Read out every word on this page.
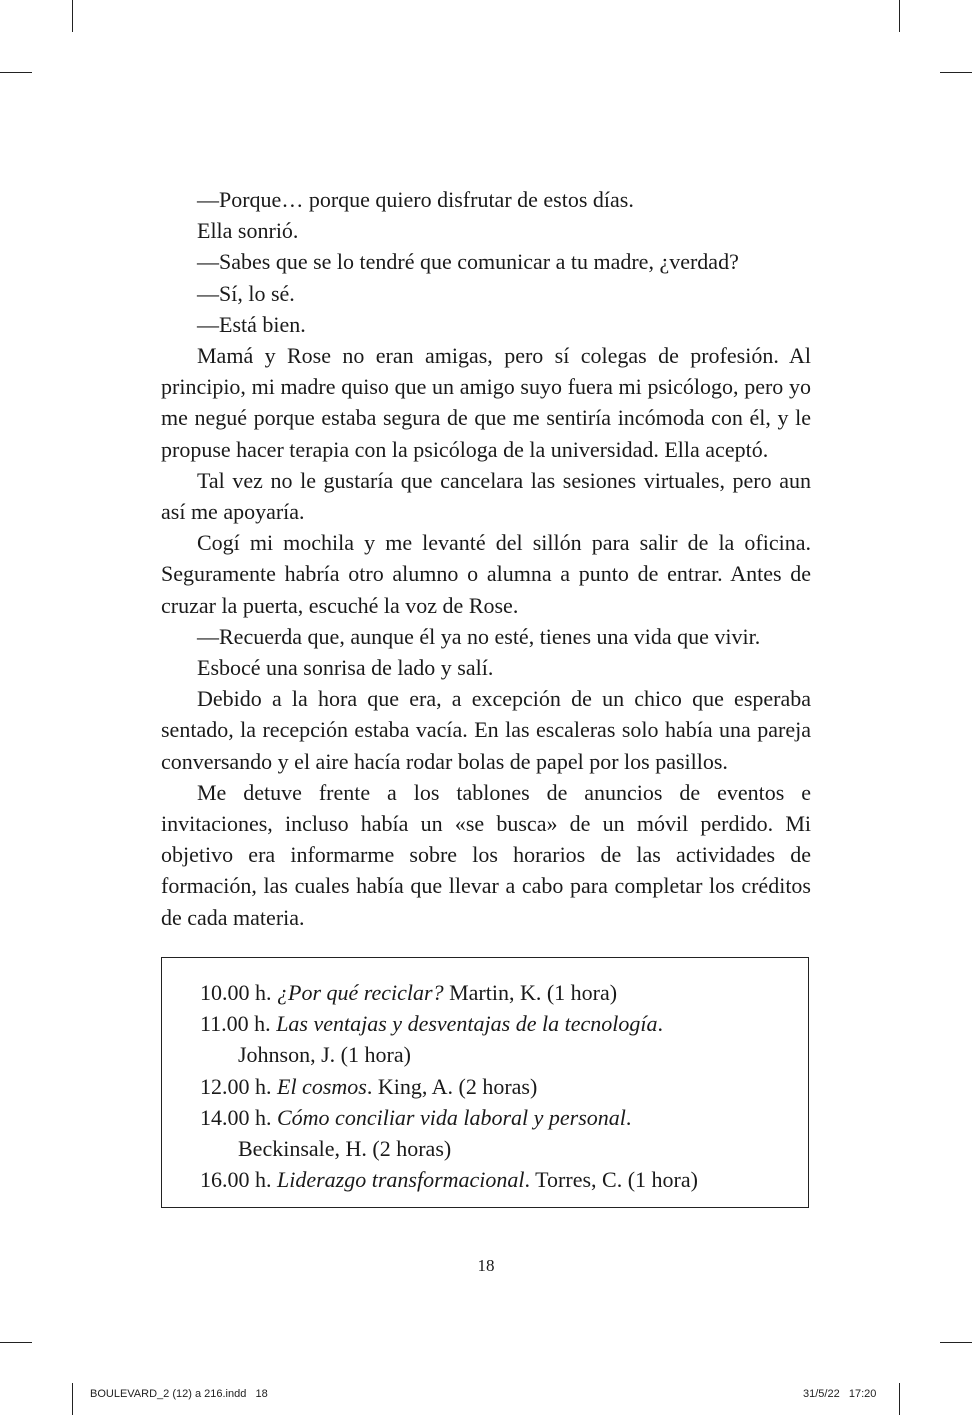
—Porque… porque quiero disfrutar de estos días.

Ella sonrió.

—Sabes que se lo tendré que comunicar a tu madre, ¿verdad?

—Sí, lo sé.

—Está bien.

Mamá y Rose no eran amigas, pero sí colegas de profesión. Al principio, mi madre quiso que un amigo suyo fuera mi psicólogo, pero yo me negué porque estaba segura de que me sentiría incómoda con él, y le propuse hacer terapia con la psicóloga de la universidad. Ella aceptó.

Tal vez no le gustaría que cancelara las sesiones virtuales, pero aun así me apoyaría.

Cogí mi mochila y me levanté del sillón para salir de la oficina. Seguramente habría otro alumno o alumna a punto de entrar. Antes de cruzar la puerta, escuché la voz de Rose.

—Recuerda que, aunque él ya no esté, tienes una vida que vivir.

Esbocé una sonrisa de lado y salí.

Debido a la hora que era, a excepción de un chico que esperaba sentado, la recepción estaba vacía. En las escaleras solo había una pareja conversando y el aire hacía rodar bolas de papel por los pasillos.

Me detuve frente a los tablones de anuncios de eventos e invitaciones, incluso había un «se busca» de un móvil perdido. Mi objetivo era informarme sobre los horarios de las actividades de formación, las cuales había que llevar a cabo para completar los créditos de cada materia.

10.00 h. ¿Por qué reciclar? Martin, K. (1 hora)
11.00 h. Las ventajas y desventajas de la tecnología.
Johnson, J. (1 hora)
12.00 h. El cosmos. King, A. (2 horas)
14.00 h. Cómo conciliar vida laboral y personal.
Beckinsale, H. (2 horas)
16.00 h. Liderazgo transformacional. Torres, C. (1 hora)
18
BOULEVARD_2 (12) a 216.indd   18	31/5/22   17:20
